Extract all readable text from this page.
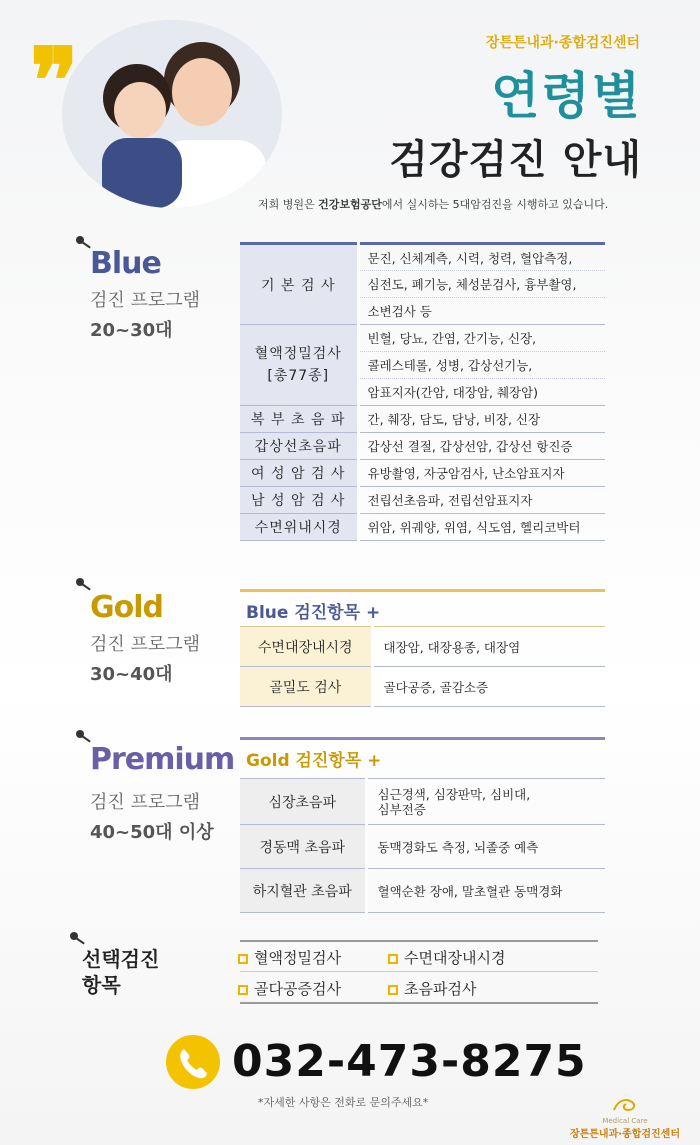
❞	장튼튼내과·종합검진센터
연령별
검강검진 안내
저희 병원은 건강보험공단에서 실시하는 5대암검진을 시행하고 있습니다.
Blue
검진 프로그램
20~30대
기 본 검 사	문진, 신체계측, 시력, 청력, 혈압측정,
	심전도, 폐기능, 체성분검사, 흉부촬영,
	소변검사 등
혈액정밀검사
[총77종]	빈혈, 당뇨, 간염, 간기능, 신장,
	콜레스테롤, 성병, 갑상선기능,
	암표지자(간암, 대장암, 췌장암)
복 부 초 음 파	간, 췌장, 담도, 담낭, 비장, 신장
갑상선초음파	갑상선 결절, 갑상선암, 갑상선 항진증
여 성 암 검 사	유방촬영, 자궁암검사, 난소암표지자
남 성 암 검 사	전립선초음파, 전립선암표지자
수면위내시경	위암, 위궤양, 위염, 식도염, 헬리코박터
Gold
검진 프로그램
30~40대
Blue 검진항목 +
수면대장내시경	대장암, 대장용종, 대장염
골밀도 검사	골다공증, 골감소증
Premium
검진 프로그램
40~50대 이상
Gold 검진항목 +
심장초음파	심근경색, 심장판막, 심비대,
심부전증
경동맥 초음파	동맥경화도 측정, 뇌졸중 예측
하지혈관 초음파	혈액순환 장애, 말초혈관 동맥경화
선택검진
항목
혈액정밀검사	수면대장내시경
골다공증검사	초음파검사
032-473-8275
*자세한 사항은 전화로 문의주세요*
Medical Care
장튼튼내과·종합검진센터
